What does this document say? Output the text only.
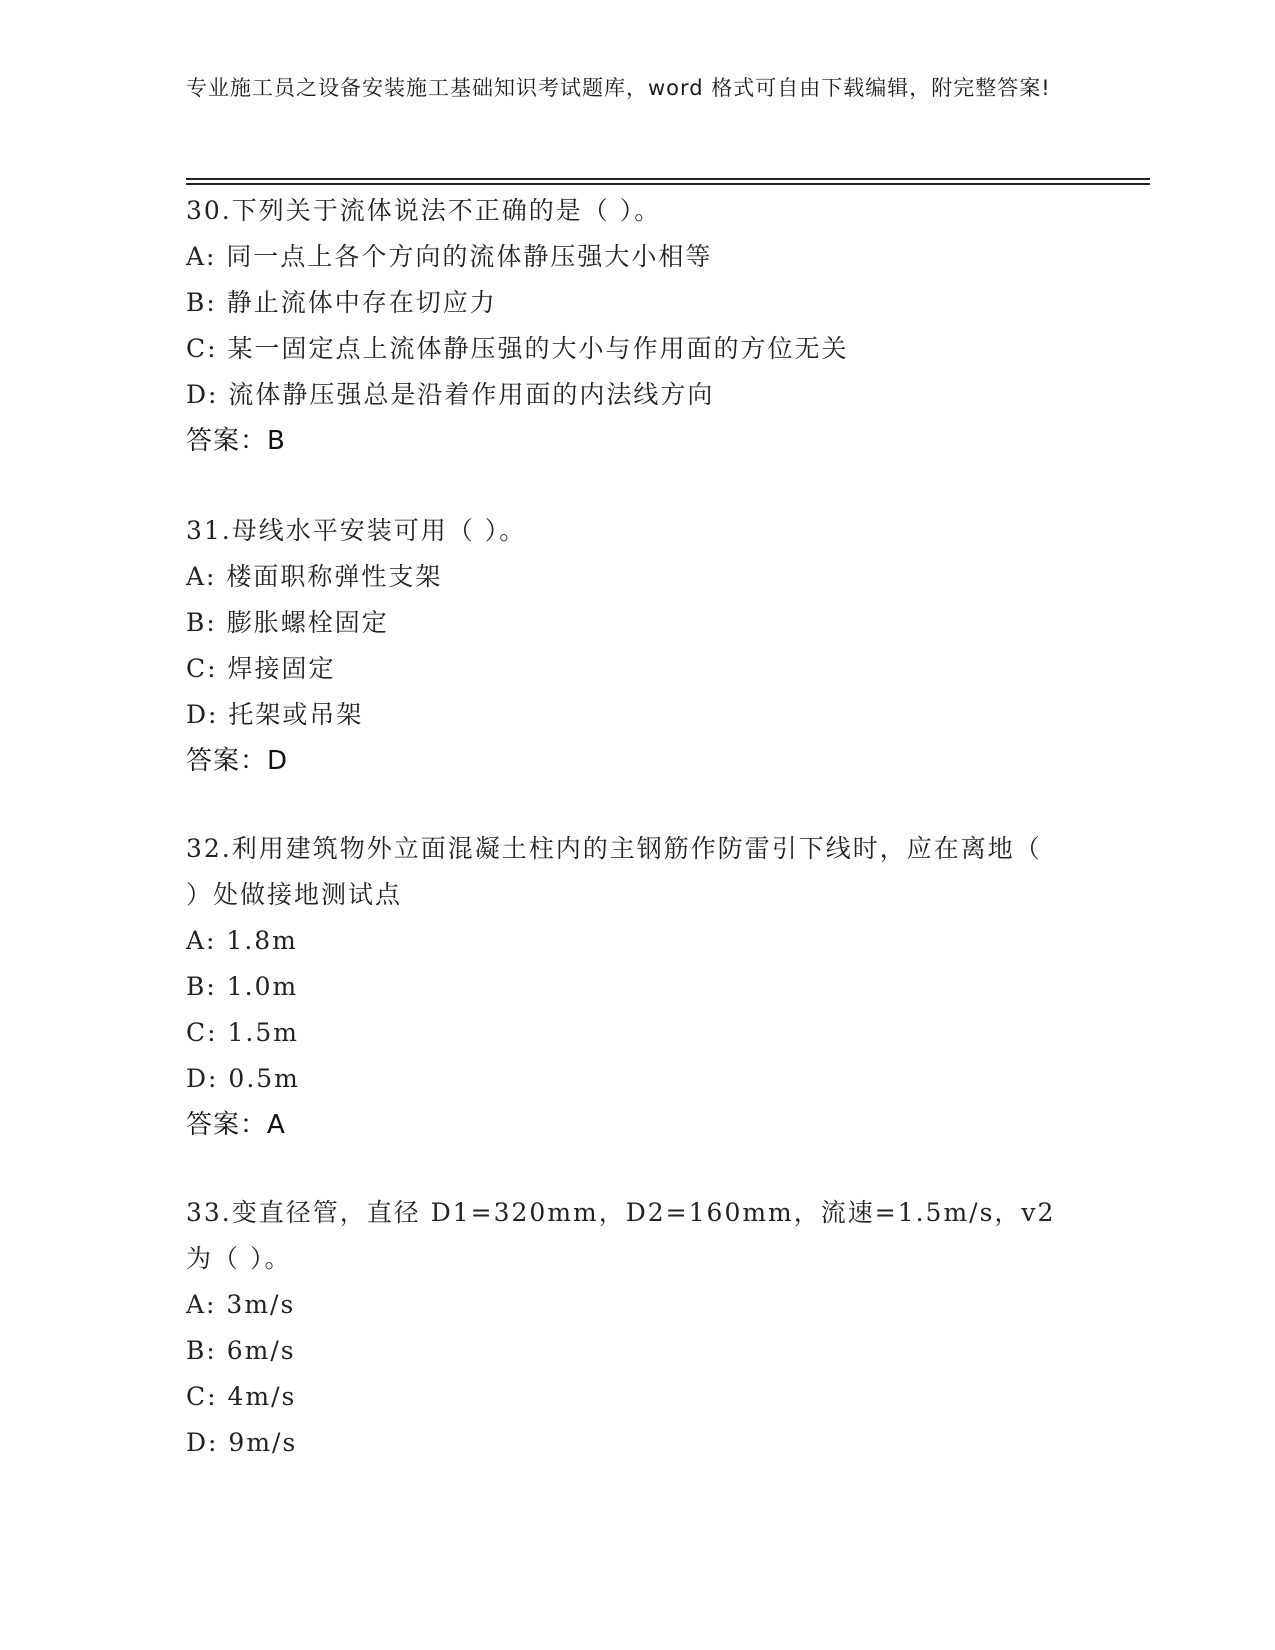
专业施工员之设备安装施工基础知识考试题库，word 格式可自由下载编辑，附完整答案!
30.下列关于流体说法不正确的是（ ）。
A: 同一点上各个方向的流体静压强大小相等
B: 静止流体中存在切应力
C: 某一固定点上流体静压强的大小与作用面的方位无关
D: 流体静压强总是沿着作用面的内法线方向
答案：B
31.母线水平安装可用（ ）。
A: 楼面职称弹性支架
B: 膨胀螺栓固定
C: 焊接固定
D: 托架或吊架
答案：D
32.利用建筑物外立面混凝土柱内的主钢筋作防雷引下线时，应在离地（ ）处做接地测试点
A: 1.8m
B: 1.0m
C: 1.5m
D: 0.5m
答案：A
33.变直径管，直径 D1=320mm，D2=160mm，流速=1.5m/s，v2 为（ ）。
A: 3m/s
B: 6m/s
C: 4m/s
D: 9m/s
